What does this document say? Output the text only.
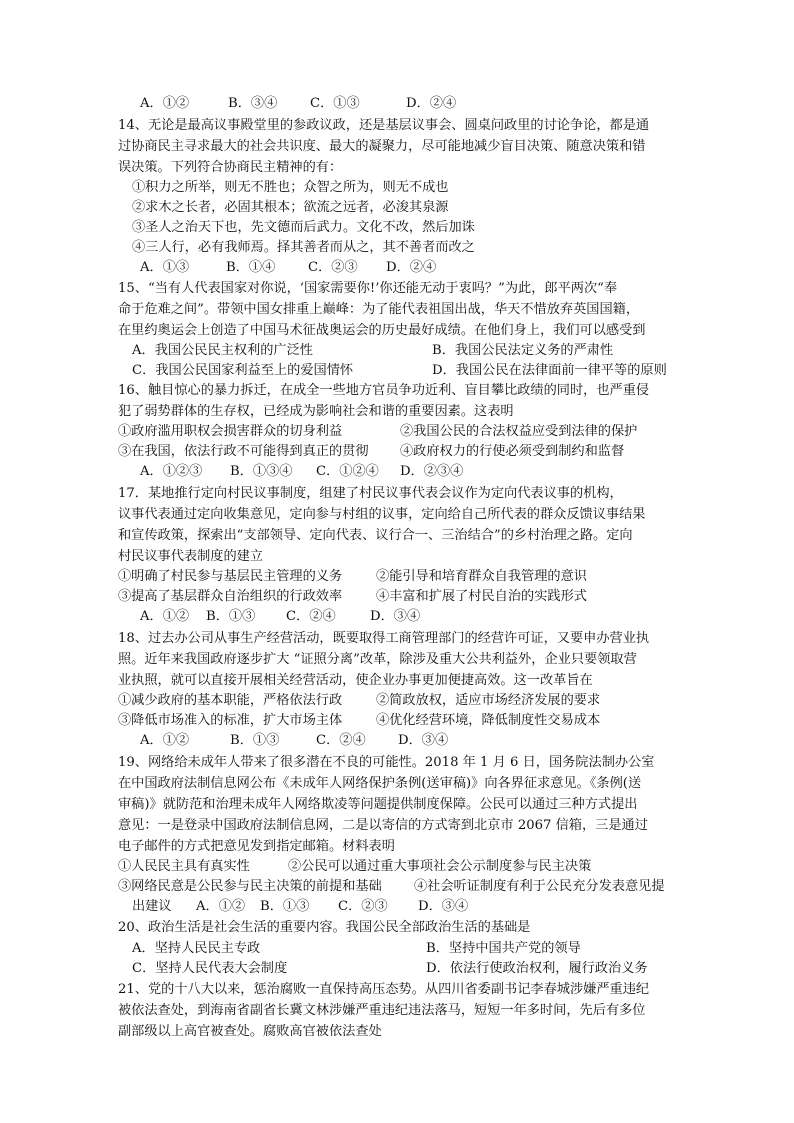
A．①②	B．③④ C．①③	D．②④
14、无论是最高议事殿堂里的参政议政，还是基层议事会、圆桌问政里的讨论争论，都是通
过协商民主寻求最大的社会共识度、最大的凝聚力，尽可能地减少盲目决策、随意决策和错
误决策。下列符合协商民主精神的有：
①积力之所举，则无不胜也；众智之所为，则无不成也
②求木之长者，必固其根本；欲流之远者，必浚其泉源
③圣人之治天下也，先文德而后武力。文化不改，然后加诛
④三人行，必有我师焉。择其善者而从之，其不善者而改之
A．①③	B．①④ C．②③ D．②④
15、“当有人代表国家对你说，‘国家需要你!’你还能无动于衷吗？”为此，郎平两次“奉
命于危难之间”。带领中国女排重上巅峰：为了能代表祖国出战，华天不惜放弃英国国籍，
在里约奥运会上创造了中国马术征战奥运会的历史最好成绩。在他们身上，我们可以感受到
A．我国公民民主权利的广泛性	B．我国公民法定义务的严肃性
C．我国公民国家利益至上的爱国情怀	D．我国公民在法律面前一律平等的原则
16、触目惊心的暴力拆迁，在成全一些地方官员争功近利、盲目攀比政绩的同时，也严重侵
犯了弱势群体的生存权，已经成为影响社会和谐的重要因素。这表明
①政府滥用职权会损害群众的切身利益	②我国公民的合法权益应受到法律的保护
③在我国，依法行政不可能得到真正的贯彻 ④政府权力的行使必须受到制约和监督
A．①②③ B．①③④ C．①②④ D．②③④
17．某地推行定向村民议事制度，组建了村民议事代表会议作为定向代表议事的机构，
议事代表通过定向收集意见，定向参与村组的议事，定向给自己所代表的群众反馈议事结果
和宣传政策，探索出“支部领导、定向代表、议行合一、三治结合”的乡村治理之路。定向
村民议事代表制度的建立
①明确了村民参与基层民主管理的义务	②能引导和培育群众自我管理的意识
③提高了基层群众自治组织的行政效率	④丰富和扩展了村民自治的实践形式
A．①② B．①③ C．②④	D．③④
18、过去办公司从事生产经营活动，既要取得工商管理部门的经营许可证，又要申办营业执
照。近年来我国政府逐步扩大 “证照分离”改革，除涉及重大公共利益外，企业只要领取营
业执照，就可以直接开展相关经营活动，使企业办事更加便捷高效。这一改革旨在
①减少政府的基本职能，严格依法行政	②简政放权，适应市场经济发展的要求
③降低市场准入的标准，扩大市场主体	④优化经营环境，降低制度性交易成本
A．①②	B．①③	C．②④ D．③④
19、网络给未成年人带来了很多潜在不良的可能性。2018 年 1 月 6 日，国务院法制办公室
在中国政府法制信息网公布《未成年人网络保护条例(送审稿)》向各界征求意见。《条例(送
审稿)》就防范和治理未成年人网络欺凌等问题提供制度保障。公民可以通过三种方式提出
意见：一是登录中国政府法制信息网，二是以寄信的方式寄到北京市 2067 信箱，三是通过
电子邮件的方式把意见发到指定邮箱。材料表明
①人民民主具有真实性	②公民可以通过重大事项社会公示制度参与民主决策
③网络民意是公民参与民主决策的前提和基础 ④社会听证制度有利于公民充分发表意见提
出建议 A．①② B．①③ C．②③ D．③④
20、政治生活是社会生活的重要内容。我国公民全部政治生活的基础是
A．坚持人民民主专政	B．坚持中国共产党的领导
C．坚持人民代表大会制度	D．依法行使政治权利，履行政治义务
21、党的十八大以来，惩治腐败一直保持高压态势。从四川省委副书记李春城涉嫌严重违纪
被依法查处，到海南省副省长冀文林涉嫌严重违纪违法落马，短短一年多时间，先后有多位
副部级以上高官被查处。腐败高官被依法查处
